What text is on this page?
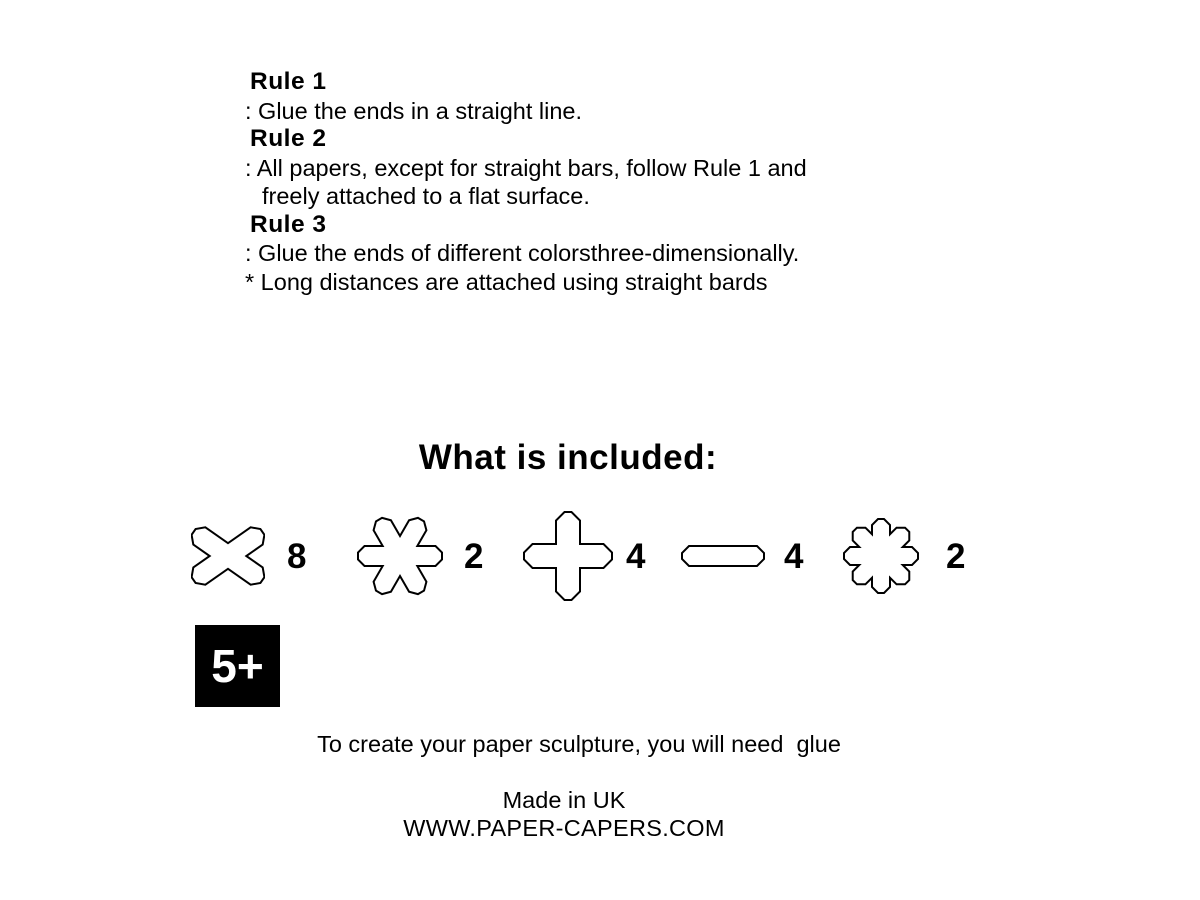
Rule 1
: Glue the ends in a straight line.
Rule 2
: All papers, except for straight bars, follow Rule 1 and
freely attached to a flat surface.
Rule 3
: Glue the ends of different colorsthree-dimensionally.
* Long distances are attached using straight bards
What is included:
8	2	4	4	2
5+
To create your paper sculpture, you will need  glue
Made in UK
WWW.PAPER-CAPERS.COM
